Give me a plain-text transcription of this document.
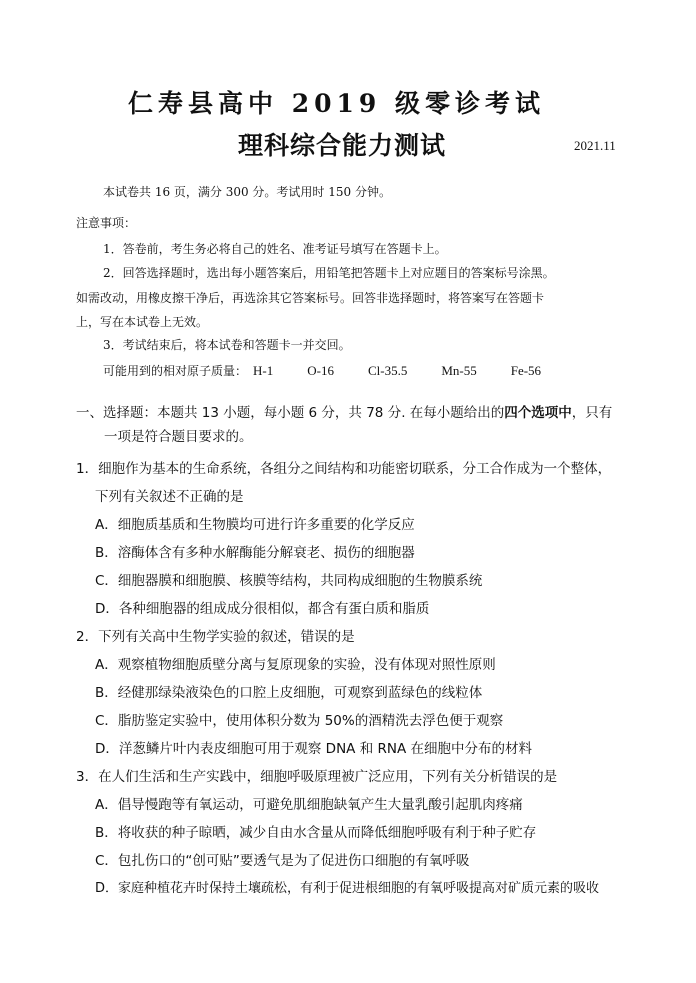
仁寿县高中 2019 级零诊考试
理科综合能力测试	2021.11
本试卷共 16 页，满分 300 分。考试用时 150 分钟。
注意事项：
1．答卷前，考生务必将自己的姓名、准考证号填写在答题卡上。
2．回答选择题时，选出每小题答案后，用铅笔把答题卡上对应题目的答案标号涂黑。
如需改动，用橡皮擦干净后，再选涂其它答案标号。回答非选择题时，将答案写在答题卡
上，写在本试卷上无效。
3．考试结束后，将本试卷和答题卡一并交回。
可能用到的相对原子质量： H-1	O-16	Cl-35.5	Mn-55	Fe-56
一、选择题：本题共 13 小题，每小题 6 分，共 78 分. 在每小题给出的四个选项中，只有
一项是符合题目要求的。
1．细胞作为基本的生命系统，各组分之间结构和功能密切联系，分工合作成为一个整体，
下列有关叙述不正确的是
A．细胞质基质和生物膜均可进行许多重要的化学反应
B．溶酶体含有多种水解酶能分解衰老、损伤的细胞器
C．细胞器膜和细胞膜、核膜等结构，共同构成细胞的生物膜系统
D．各种细胞器的组成成分很相似，都含有蛋白质和脂质
2．下列有关高中生物学实验的叙述，错误的是
A．观察植物细胞质壁分离与复原现象的实验，没有体现对照性原则
B．经健那绿染液染色的口腔上皮细胞，可观察到蓝绿色的线粒体
C．脂肪鉴定实验中，使用体积分数为 50%的酒精洗去浮色便于观察
D．洋葱鳞片叶内表皮细胞可用于观察 DNA 和 RNA 在细胞中分布的材料
3．在人们生活和生产实践中，细胞呼吸原理被广泛应用，下列有关分析错误的是
A．倡导慢跑等有氧运动，可避免肌细胞缺氧产生大量乳酸引起肌肉疼痛
B．将收获的种子晾晒，减少自由水含量从而降低细胞呼吸有利于种子贮存
C．包扎伤口的“创可贴”要透气是为了促进伤口细胞的有氧呼吸
D．家庭种植花卉时保持土壤疏松，有利于促进根细胞的有氧呼吸提高对矿质元素的吸收
